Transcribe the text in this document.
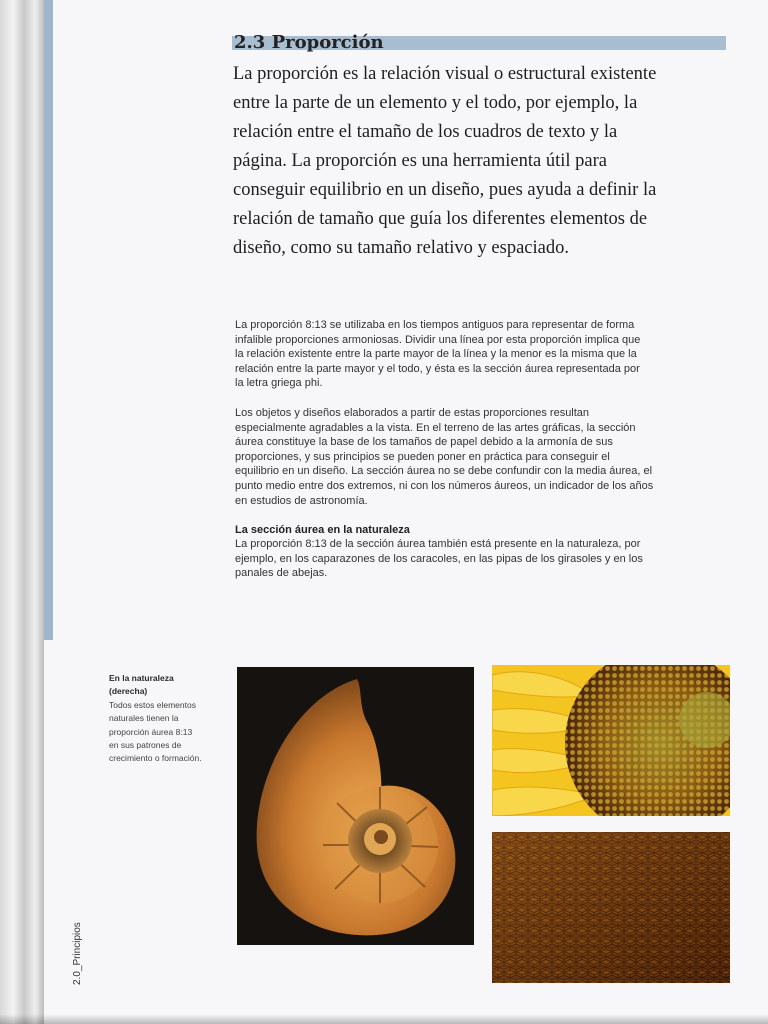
2.3 Proporción

La proporción es la relación visual o estructural existente
entre la parte de un elemento y el todo, por ejemplo, la
relación entre el tamaño de los cuadros de texto y la
página. La proporción es una herramienta útil para
conseguir equilibrio en un diseño, pues ayuda a definir la
relación de tamaño que guía los diferentes elementos de
diseño, como su tamaño relativo y espaciado.

La proporción 8:13 se utilizaba en los tiempos antiguos para representar de forma
infalible proporciones armoniosas. Dividir una línea por esta proporción implica que
la relación existente entre la parte mayor de la línea y la menor es la misma que la
relación entre la parte mayor y el todo, y ésta es la sección áurea representada por
la letra griega phi.

Los objetos y diseños elaborados a partir de estas proporciones resultan
especialmente agradables a la vista. En el terreno de las artes gráficas, la sección
áurea constituye la base de los tamaños de papel debido a la armonía de sus
proporciones, y sus principios se pueden poner en práctica para conseguir el
equilibrio en un diseño. La sección áurea no se debe confundir con la media áurea, el
punto medio entre dos extremos, ni con los números áureos, un indicador de los años
en estudios de astronomía.

La sección áurea en la naturaleza

La proporción 8:13 de la sección áurea también está presente en la naturaleza, por
ejemplo, en los caparazones de los caracoles, en las pipas de los girasoles y en los
panales de abejas.

En la naturaleza
(derecha)
Todos estos elementos
naturales tienen la
proporción áurea 8:13
en sus patrones de
crecimiento o formación.
2.0_Principios
